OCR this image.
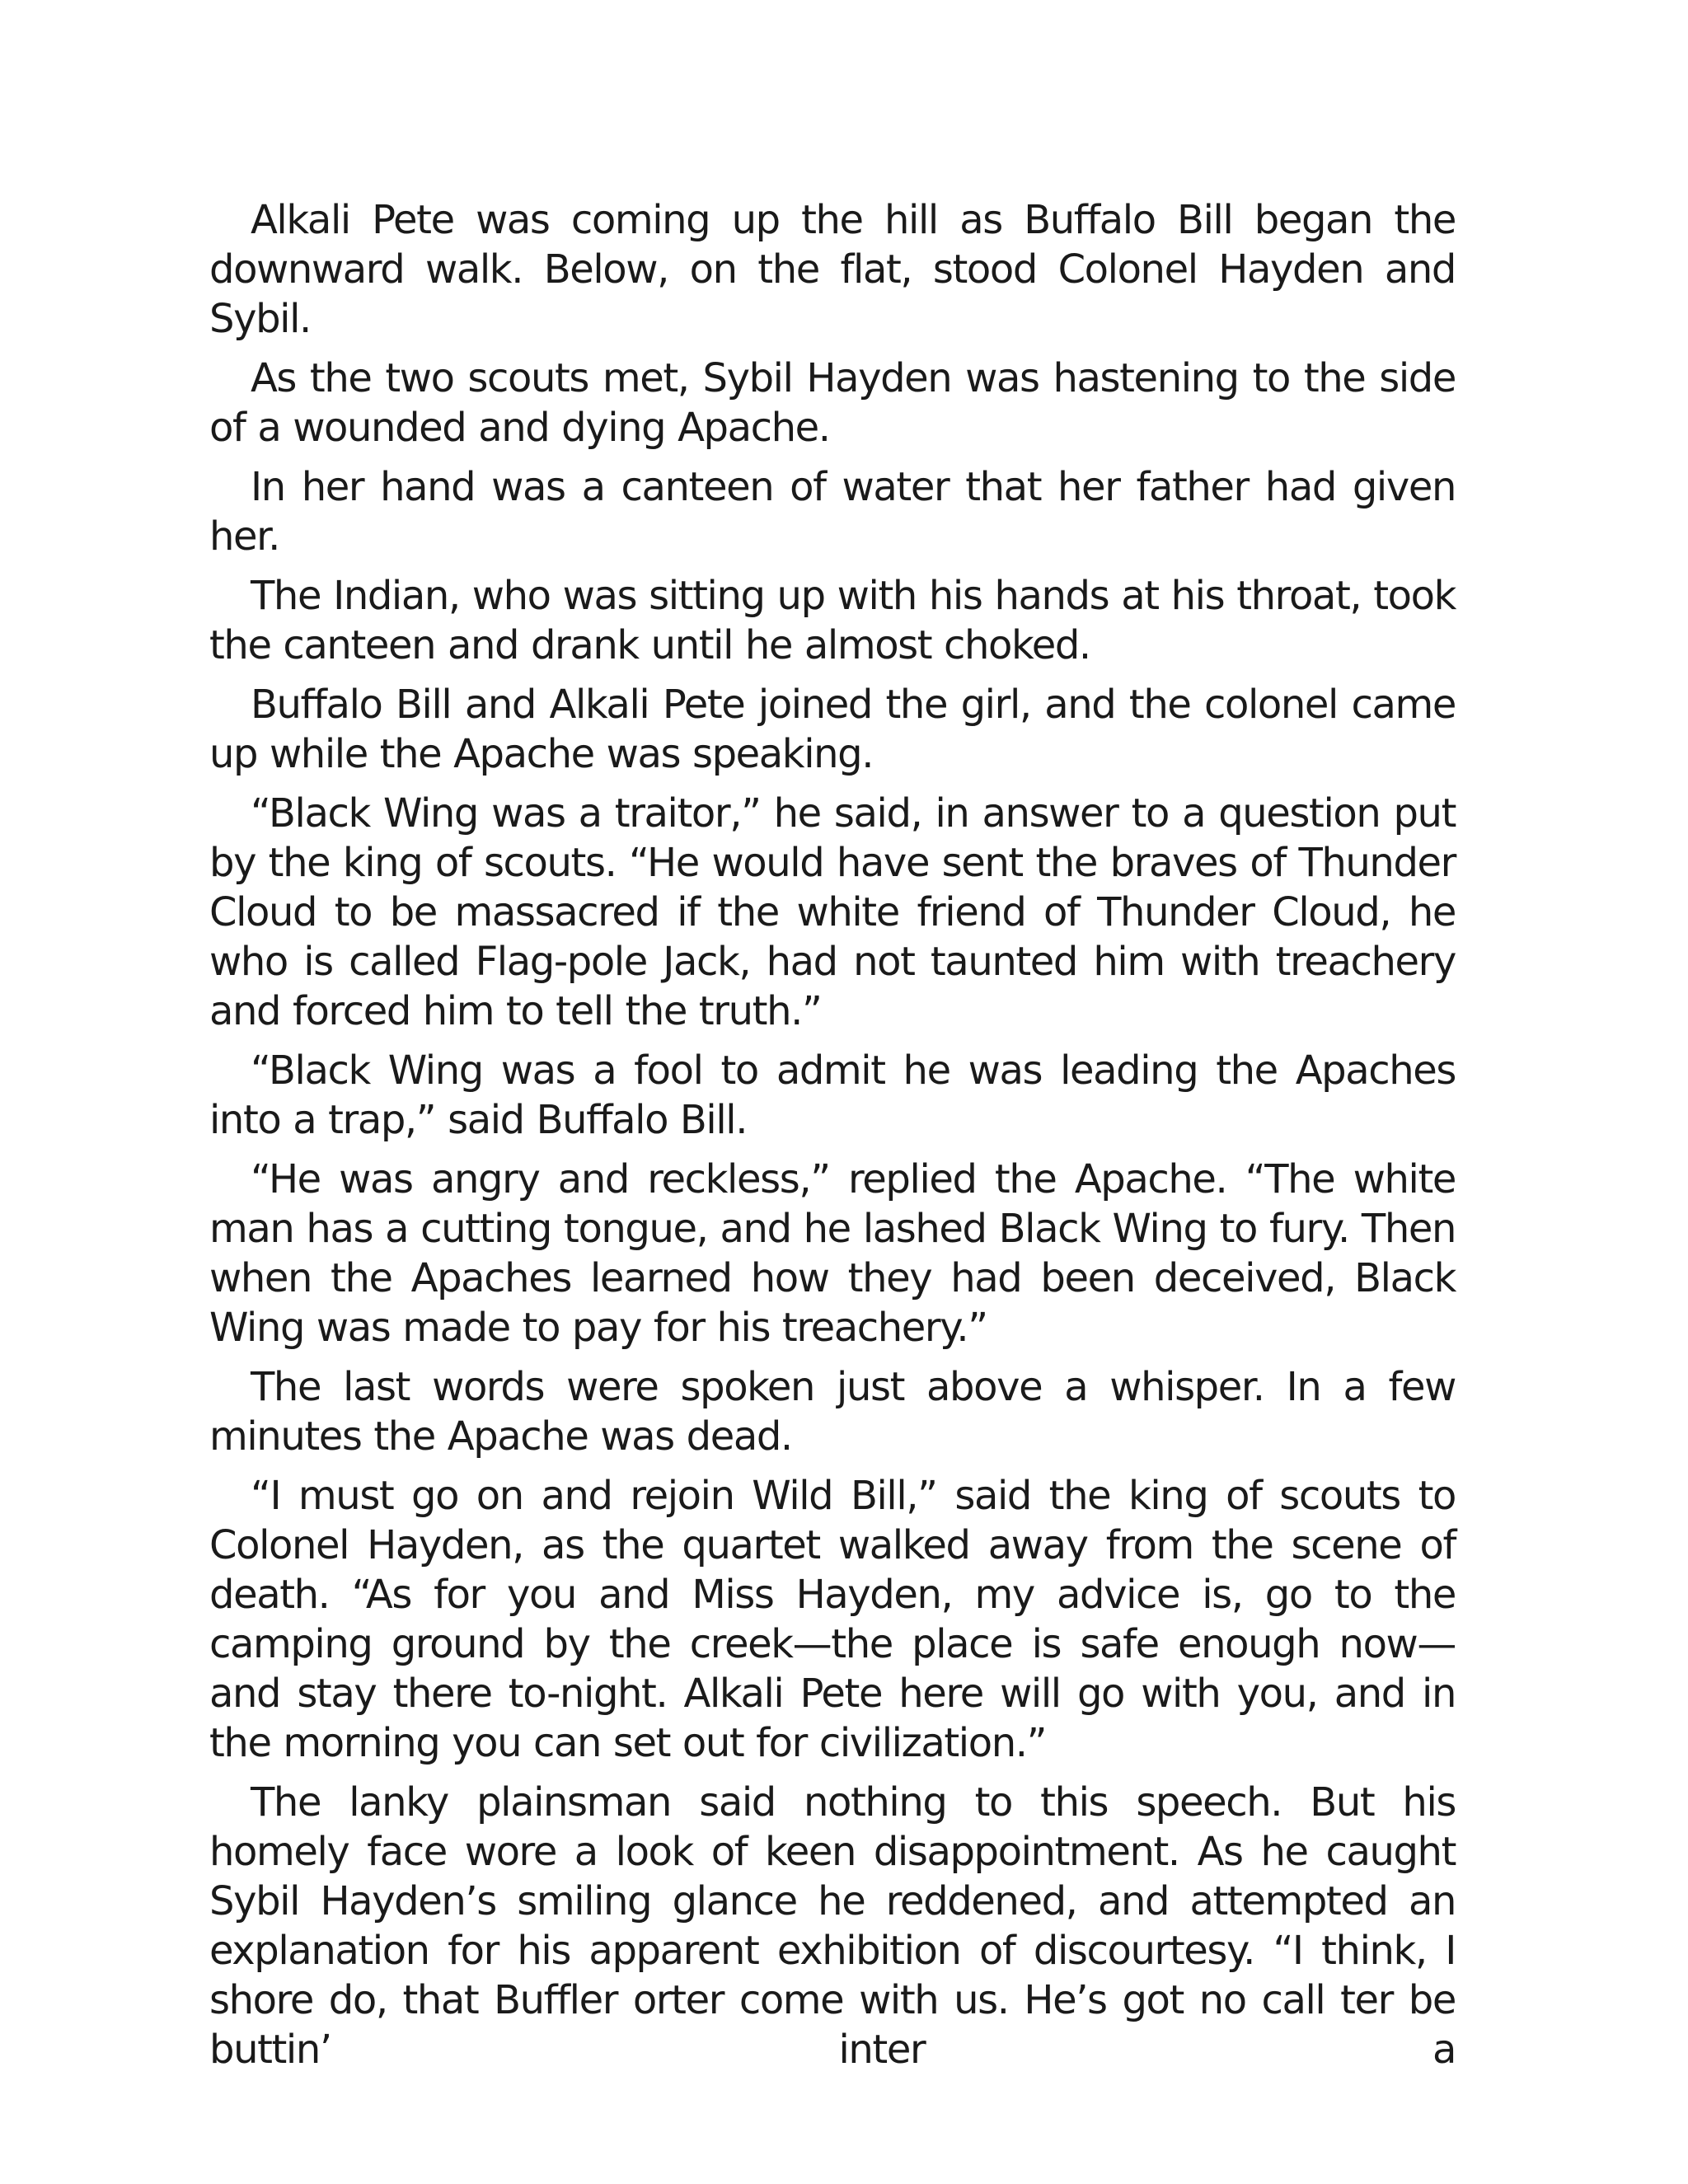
Alkali Pete was coming up the hill as Buffalo Bill began the downward walk. Below, on the flat, stood Colonel Hayden and Sybil.

As the two scouts met, Sybil Hayden was hastening to the side of a wounded and dying Apache.

In her hand was a canteen of water that her father had given her.

The Indian, who was sitting up with his hands at his throat, took the canteen and drank until he almost choked.

Buffalo Bill and Alkali Pete joined the girl, and the colonel came up while the Apache was speaking.

“Black Wing was a traitor,” he said, in answer to a question put by the king of scouts. “He would have sent the braves of Thunder Cloud to be massacred if the white friend of Thunder Cloud, he who is called Flag-pole Jack, had not taunted him with treachery and forced him to tell the truth.”

“Black Wing was a fool to admit he was leading the Apaches into a trap,” said Buffalo Bill.

“He was angry and reckless,” replied the Apache. “The white man has a cutting tongue, and he lashed Black Wing to fury. Then when the Apaches learned how they had been deceived, Black Wing was made to pay for his treachery.”

The last words were spoken just above a whisper. In a few minutes the Apache was dead.

“I must go on and rejoin Wild Bill,” said the king of scouts to Colonel Hayden, as the quartet walked away from the scene of death. “As for you and Miss Hayden, my advice is, go to the camping ground by the creek—the place is safe enough now—and stay there to-night. Alkali Pete here will go with you, and in the morning you can set out for civilization.”

The lanky plainsman said nothing to this speech. But his homely face wore a look of keen disappointment. As he caught Sybil Hayden’s smiling glance he reddened, and attempted an explanation for his apparent exhibition of discourtesy. “I think, I shore do, that Buffler orter come with us. He’s got no call ter be buttin’ inter a
